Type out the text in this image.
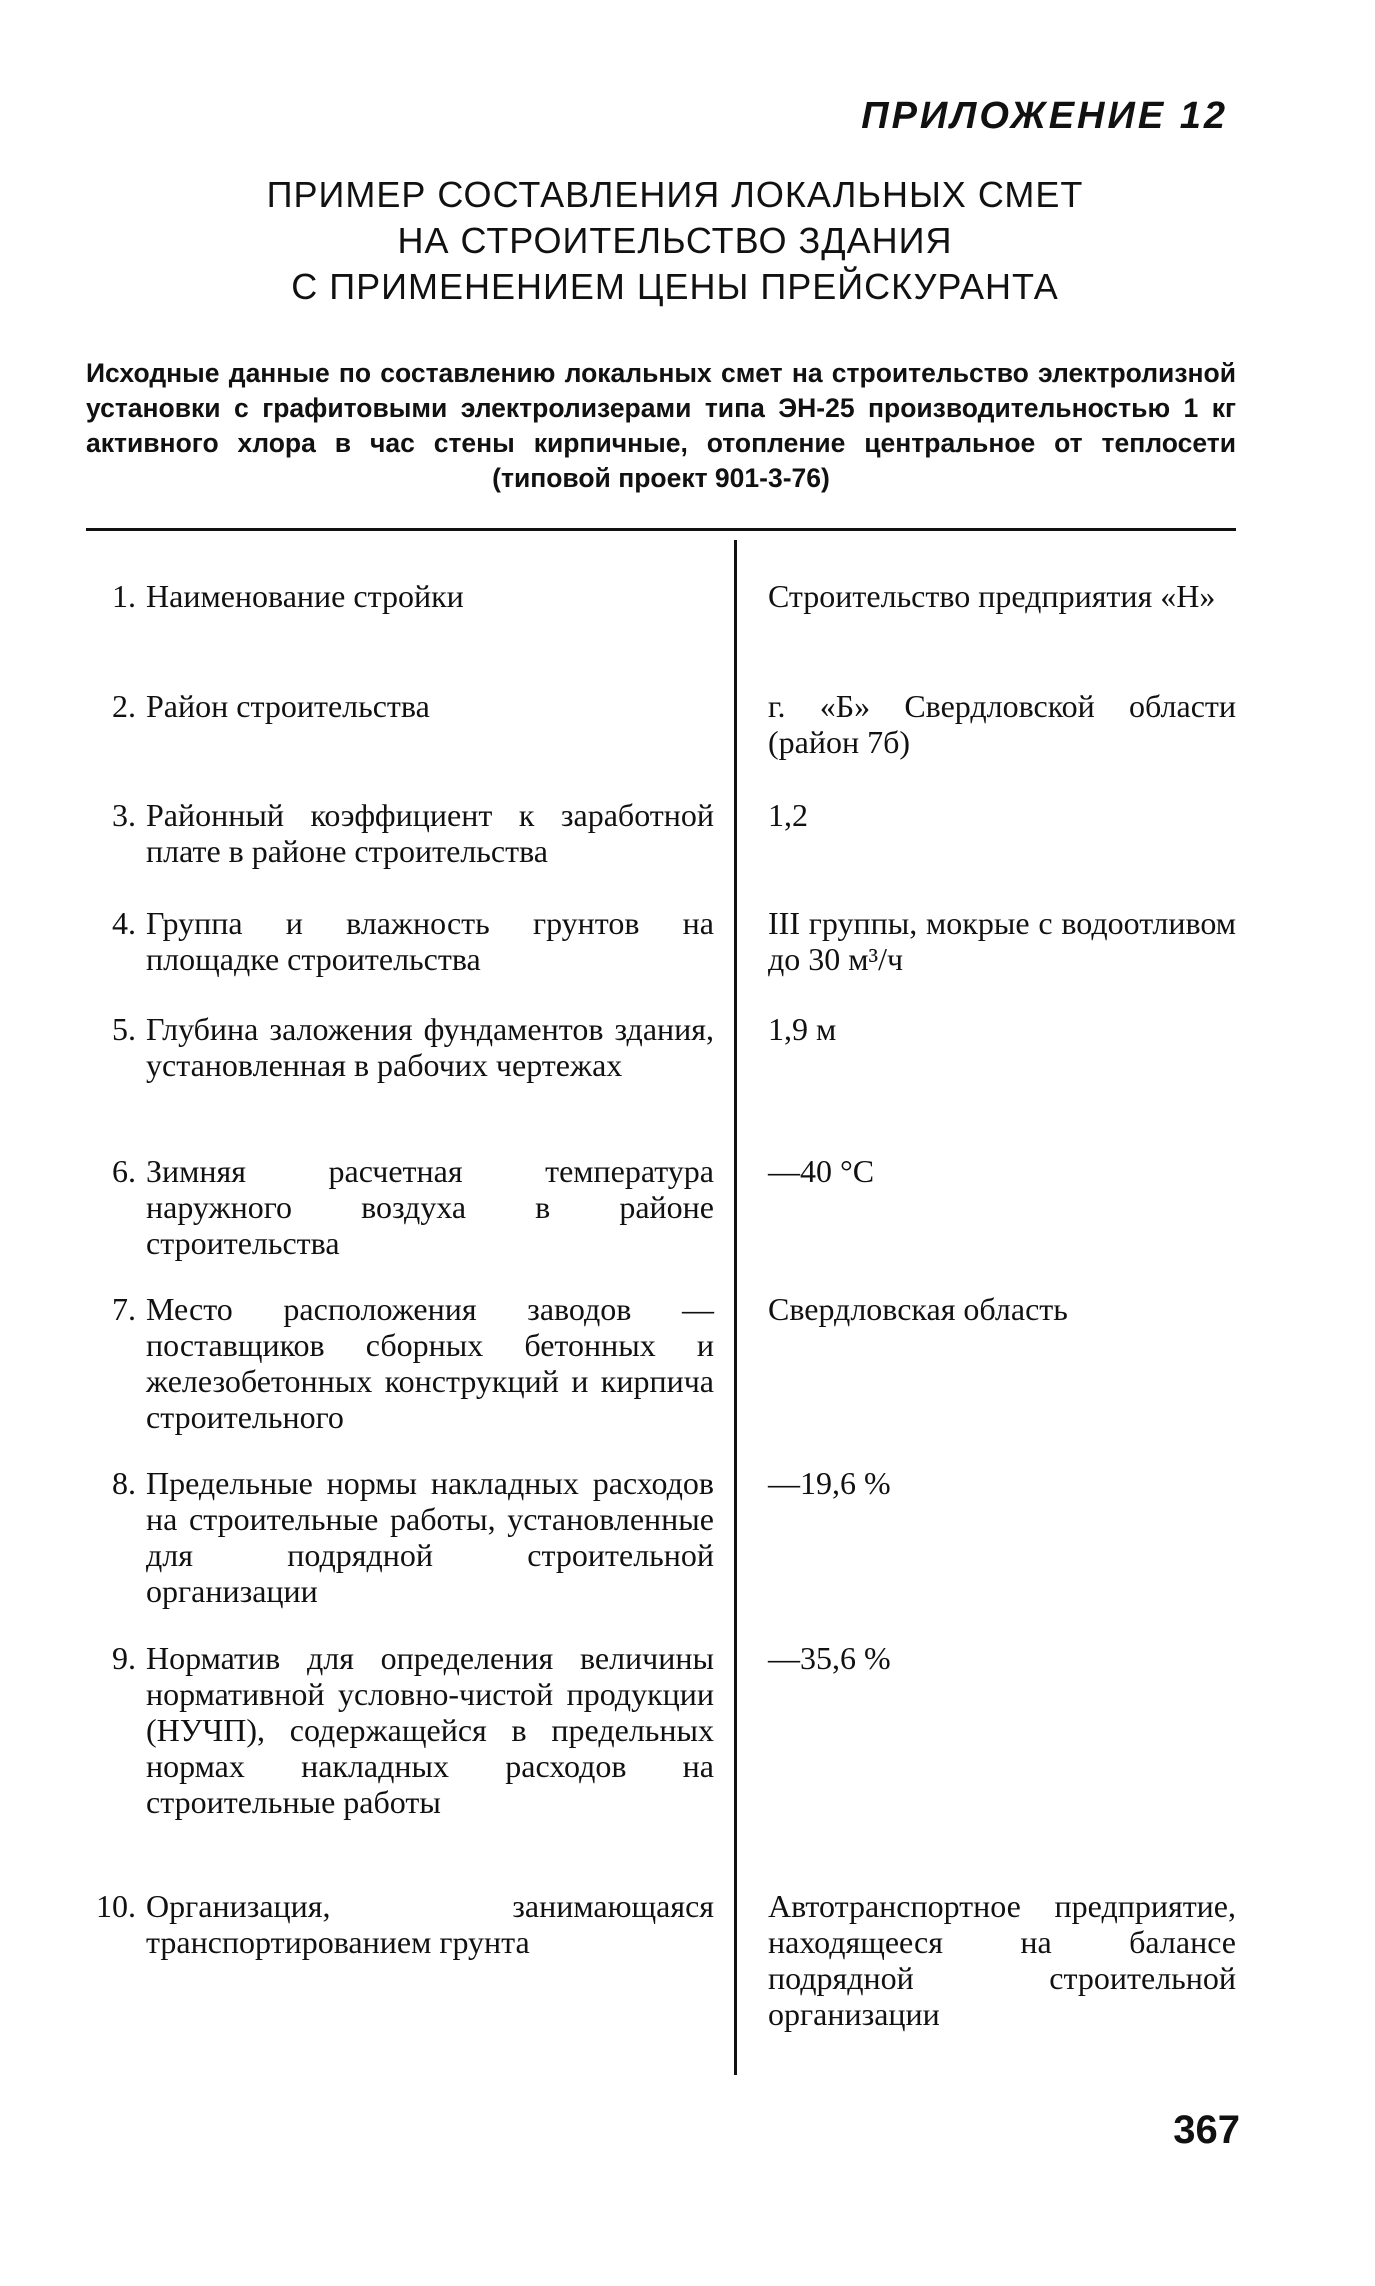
ПРИЛОЖЕНИЕ 12
ПРИМЕР СОСТАВЛЕНИЯ ЛОКАЛЬНЫХ СМЕТ
НА СТРОИТЕЛЬСТВО ЗДАНИЯ
С ПРИМЕНЕНИЕМ ЦЕНЫ ПРЕЙСКУРАНТА
Исходные данные по составлению локальных смет на строительство электролизной установки с графитовыми электролизерами типа ЭН-25 производительностью 1 кг активного хлора в час стены кирпичные, отопление центральное от теплосети (типовой проект 901-3-76)
1. Наименование стройки	Строительство предприятия «Н»
2. Район строительства	г. «Б» Свердловской области (район 7б)
3. Районный коэффициент к заработной плате в районе строительства
1,2
4. Группа и влажность грунтов на площадке строительства
III группы, мокрые с водоотливом до 30 м³/ч
5. Глубина заложения фундаментов здания, установленная в рабочих чертежах
1,9 м
6. Зимняя расчетная температура наружного воздуха в районе строительства
—40 °С
7. Место расположения заводов — поставщиков сборных бетонных и железобетонных конструкций и кирпича строительного
Свердловская область
8. Предельные нормы накладных расходов на строительные работы, установленные для подрядной строительной организации
—19,6 %
9. Норматив для определения величины нормативной условно-чистой продукции (НУЧП), содержащейся в предельных нормах накладных расходов на строительные работы
—35,6 %
10. Организация, занимающаяся транспортированием грунта
Автотранспортное предприятие, находящееся на балансе подрядной строительной организации
367
